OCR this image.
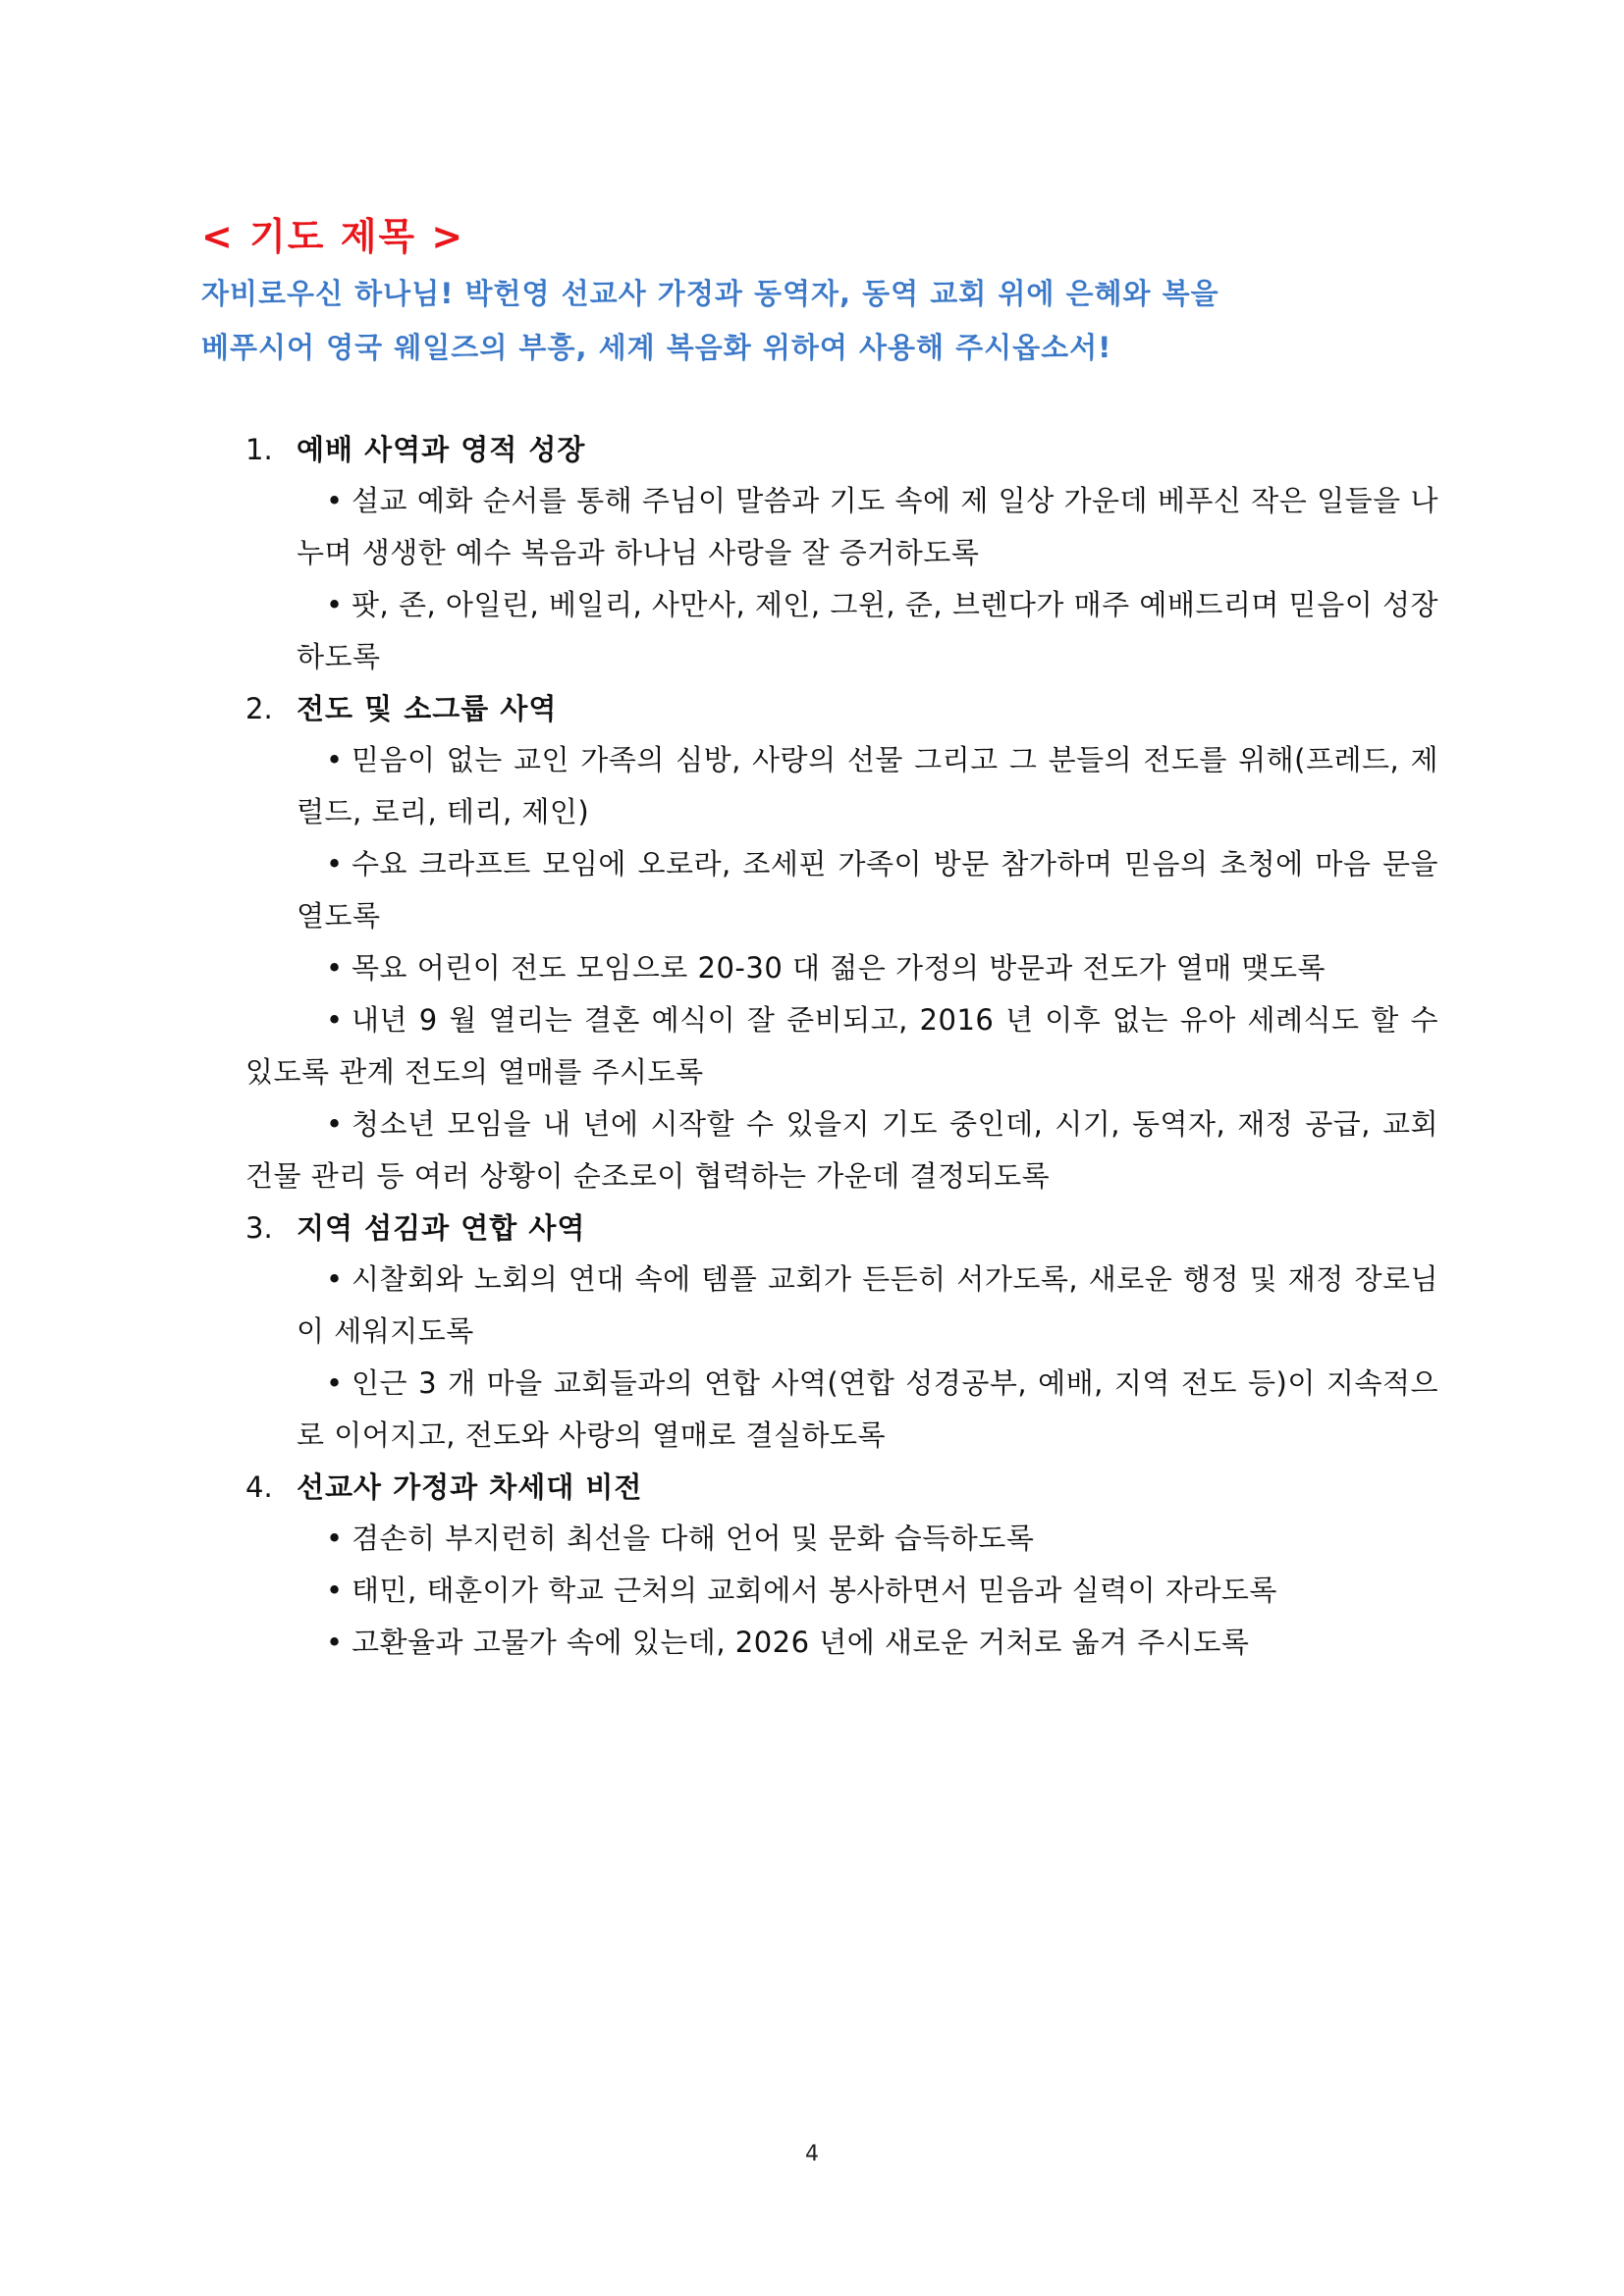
< 기도 제목 >
자비로우신 하나님! 박헌영 선교사 가정과 동역자, 동역 교회 위에 은혜와 복을
베푸시어 영국 웨일즈의 부흥, 세계 복음화 위하여 사용해 주시옵소서!
1. 예배 사역과 영적 성장
• 설교 예화 순서를 통해 주님이 말씀과 기도 속에 제 일상 가운데 베푸신 작은 일들을 나누며 생생한 예수 복음과 하나님 사랑을 잘 증거하도록
• 팟, 존, 아일린, 베일리, 사만사, 제인, 그윈, 준, 브렌다가 매주 예배드리며 믿음이 성장하도록
2. 전도 및 소그룹 사역
• 믿음이 없는 교인 가족의 심방, 사랑의 선물 그리고 그 분들의 전도를 위해(프레드, 제럴드, 로리, 테리, 제인)
• 수요 크라프트 모임에 오로라, 조세핀 가족이 방문 참가하며 믿음의 초청에 마음 문을 열도록
• 목요 어린이 전도 모임으로 20-30 대 젊은 가정의 방문과 전도가 열매 맺도록
• 내년 9 월 열리는 결혼 예식이 잘 준비되고, 2016 년 이후 없는 유아 세례식도 할 수 있도록 관계 전도의 열매를 주시도록
• 청소년 모임을 내 년에 시작할 수 있을지 기도 중인데, 시기, 동역자, 재정 공급, 교회 건물 관리 등 여러 상황이 순조로이 협력하는 가운데 결정되도록
3. 지역 섬김과 연합 사역
• 시찰회와 노회의 연대 속에 템플 교회가 든든히 서가도록, 새로운 행정 및 재정 장로님이 세워지도록
• 인근 3 개 마을 교회들과의 연합 사역(연합 성경공부, 예배, 지역 전도 등)이 지속적으로 이어지고, 전도와 사랑의 열매로 결실하도록
4. 선교사 가정과 차세대 비전
• 겸손히 부지런히 최선을 다해 언어 및 문화 습득하도록
• 태민, 태훈이가 학교 근처의 교회에서 봉사하면서 믿음과 실력이 자라도록
• 고환율과 고물가 속에 있는데, 2026 년에 새로운 거처로 옮겨 주시도록
4
